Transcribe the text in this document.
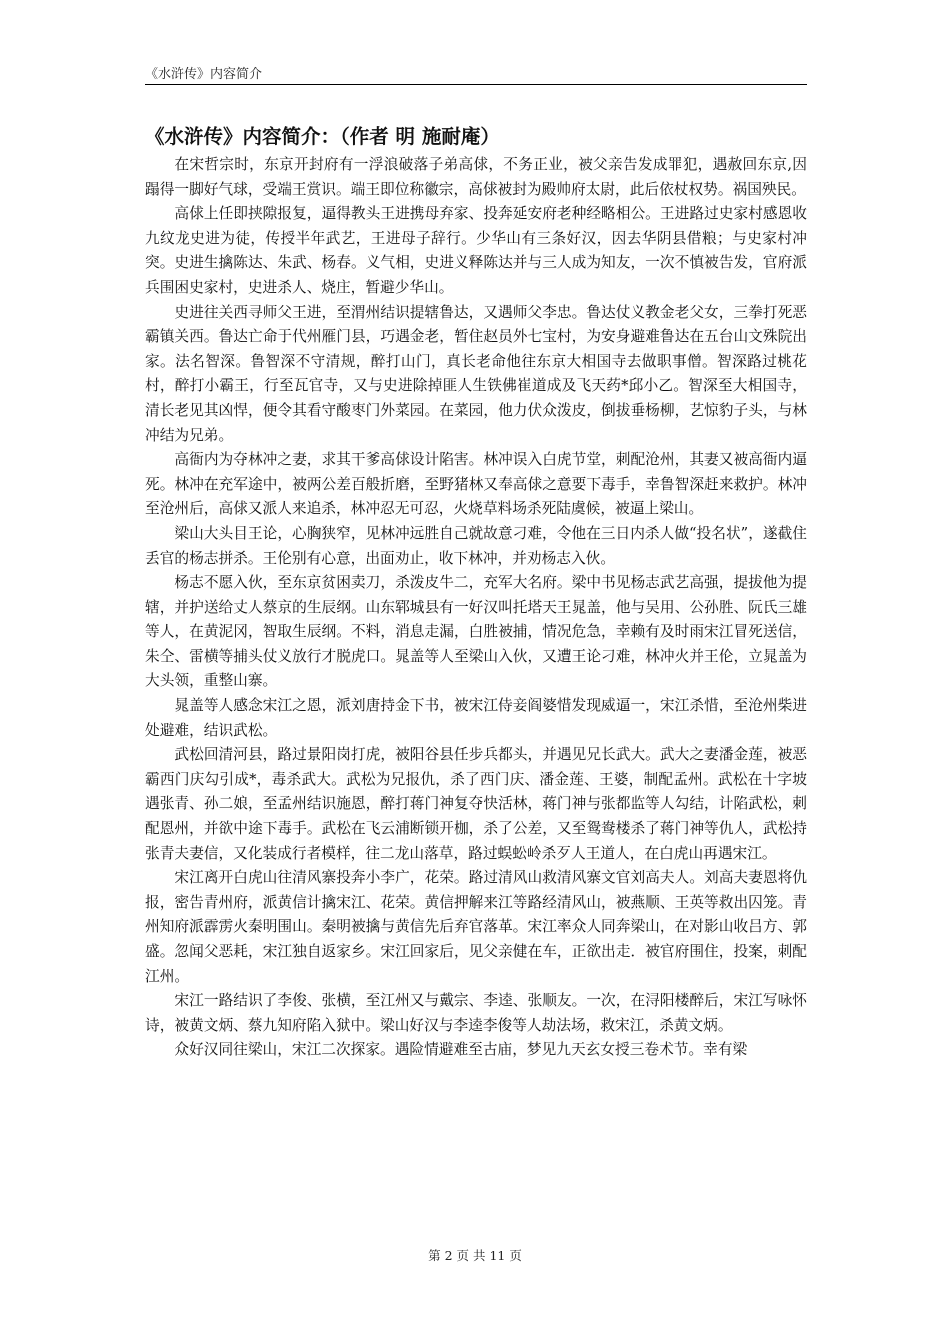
《水浒传》内容简介
《水浒传》内容简介：（作者 明 施耐庵）

在宋哲宗时，东京开封府有一浮浪破落子弟高俅，不务正业，被父亲告发成罪犯，遇赦回东京,因蹋得一脚好气球，受端王赏识。端王即位称徽宗，高俅被封为殿帅府太尉，此后依杖权势。祸国殃民。

高俅上任即挟隙报复，逼得教头王进携母弃家、投奔延安府老种经略相公。王进路过史家村感恩收九纹龙史进为徒，传授半年武艺，王进母子辞行。少华山有三条好汉，因去华阴县借粮；与史家村冲突。史进生擒陈达、朱武、杨春。义气相，史进义释陈达并与三人成为知友，一次不慎被告发，官府派兵围困史家村，史进杀人、烧庄，暂避少华山。

史进往关西寻师父王进，至渭州结识提辖鲁达，又遇师父李忠。鲁达仗义教金老父女，三拳打死恶霸镇关西。鲁达亡命于代州雁门县，巧遇金老，暂住赵员外七宝村，为安身避难鲁达在五台山文殊院出家。法名智深。鲁智深不守清规，醉打山门，真长老命他往东京大相国寺去做职事僧。智深路过桃花村，醉打小霸王，行至瓦官寺，又与史进除掉匪人生铁佛崔道成及飞天药*邱小乙。智深至大相国寺，清长老见其凶悍，便令其看守酸枣门外菜园。在菜园，他力伏众泼皮，倒拔垂杨柳，艺惊豹子头，与林冲结为兄弟。

高衙内为夺林冲之妻，求其干爹高俅设计陷害。林冲误入白虎节堂，刺配沧州，其妻又被高衙内逼死。林冲在充军途中，被两公差百般折磨，至野猪林又奉高俅之意要下毒手，幸鲁智深赶来救护。林冲至沧州后，高俅又派人来追杀，林冲忍无可忍，火烧草料场杀死陆虞候，被逼上梁山。

梁山大头目王论，心胸狭窄，见林冲远胜自己就故意刁难，令他在三日内杀人做“投名状”，遂截住丢官的杨志拼杀。王伦别有心意，出面劝止，收下林冲，并劝杨志入伙。

杨志不愿入伙，至东京贫困卖刀，杀泼皮牛二，充军大名府。梁中书见杨志武艺高强，提拔他为提辖，并护送给丈人蔡京的生辰纲。山东郓城县有一好汉叫托塔天王晁盖，他与吴用、公孙胜、阮氏三雄等人，在黄泥冈，智取生辰纲。不料，消息走漏，白胜被捕，情况危急，幸赖有及时雨宋江冒死送信，朱仝、雷横等捕头仗义放行才脱虎口。晁盖等人至梁山入伙，又遭王论刁难，林冲火并王伦，立晁盖为大头领，重整山寨。

晁盖等人感念宋江之恩，派刘唐持金下书，被宋江侍妾阎婆惜发现威逼一，宋江杀惜，至沧州柴进处避难，结识武松。

武松回清河县，路过景阳岗打虎，被阳谷县任步兵都头，并遇见兄长武大。武大之妻潘金莲，被恶霸西门庆勾引成*，毒杀武大。武松为兄报仇，杀了西门庆、潘金莲、王婆，制配孟州。武松在十字坡遇张青、孙二娘，至孟州结识施恩，醉打蒋门神复夺快活林，蒋门神与张都监等人勾结，计陷武松，刺配恩州，并欲中途下毒手。武松在飞云浦断锁开枷，杀了公差，又至鸳鸯楼杀了蒋门神等仇人，武松持张青夫妻信，又化装成行者模样，往二龙山落草，路过蜈蚣岭杀歹人王道人，在白虎山再遇宋江。

宋江离开白虎山往清风寨投奔小李广，花荣。路过清风山救清风寨文官刘高夫人。刘高夫妻恩将仇报，密告青州府，派黄信计擒宋江、花荣。黄信押解来江等路经清风山，被燕顺、王英等救出囚笼。青州知府派霹雳火秦明围山。秦明被擒与黄信先后弃官落革。宋江率众人同奔梁山，在对影山收吕方、郭盛。忽闻父恶耗，宋江独自返家乡。宋江回家后，见父亲健在车，正欲出走．被官府围住，投案，刺配江州。

宋江一路结识了李俊、张横，至江州又与戴宗、李逵、张顺友。一次，在浔阳楼醉后，宋江写咏怀诗，被黄文炳、蔡九知府陷入狱中。梁山好汉与李逵李俊等人劫法场，救宋江，杀黄文炳。

众好汉同往梁山，宋江二次探家。遇险情避难至古庙，梦见九天玄女授三卷术节。幸有梁

第 2 页 共 11 页
